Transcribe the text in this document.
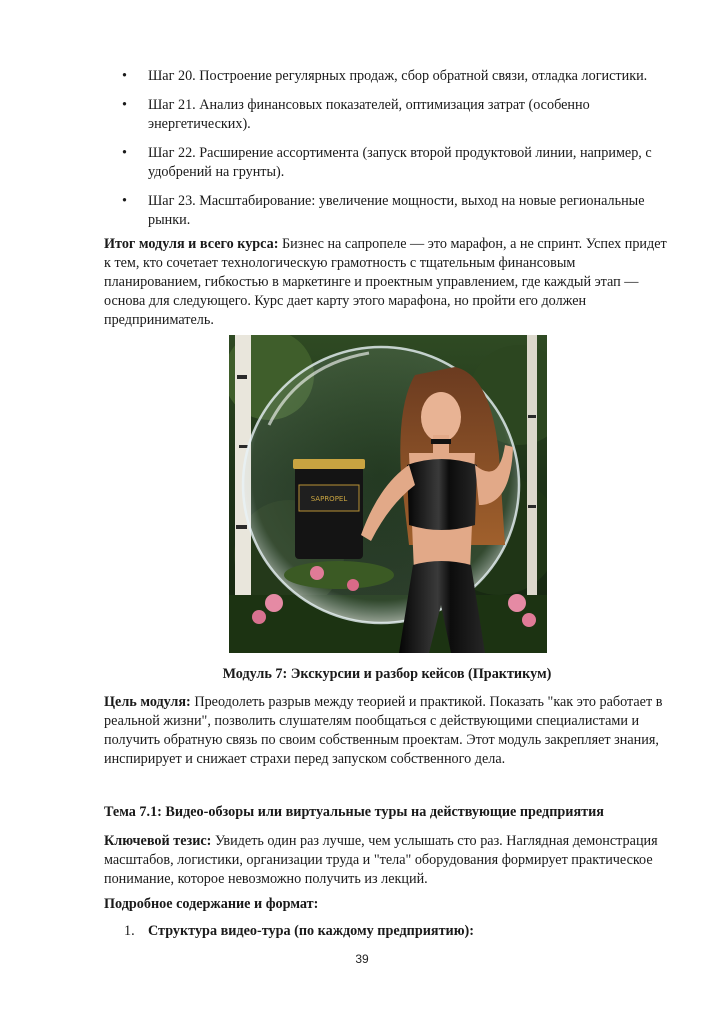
• Шаг 20. Построение регулярных продаж, сбор обратной связи, отладка логистики.
• Шаг 21. Анализ финансовых показателей, оптимизация затрат (особенно энергетических).
• Шаг 22. Расширение ассортимента (запуск второй продуктовой линии, например, с удобрений на грунты).
• Шаг 23. Масштабирование: увеличение мощности, выход на новые региональные рынки.

Итог модуля и всего курса: Бизнес на сапропеле — это марафон, а не спринт. Успех придет к тем, кто сочетает технологическую грамотность с тщательным финансовым планированием, гибкостью в маркетинге и проектным управлением, где каждый этап — основа для следующего. Курс дает карту этого марафона, но пройти его должен предприниматель.

SAPROPEL
Модуль 7: Экскурсии и разбор кейсов (Практикум)

Цель модуля: Преодолеть разрыв между теорией и практикой. Показать "как это работает в реальной жизни", позволить слушателям пообщаться с действующими специалистами и получить обратную связь по своим собственным проектам. Этот модуль закрепляет знания, инспирирует и снижает страхи перед запуском собственного дела.

Тема 7.1: Видео-обзоры или виртуальные туры на действующие предприятия

Ключевой тезис: Увидеть один раз лучше, чем услышать сто раз. Наглядная демонстрация масштабов, логистики, организации труда и "тела" оборудования формирует практическое понимание, которое невозможно получить из лекций.

Подробное содержание и формат:

1. Структура видео-тура (по каждому предприятию):
39
